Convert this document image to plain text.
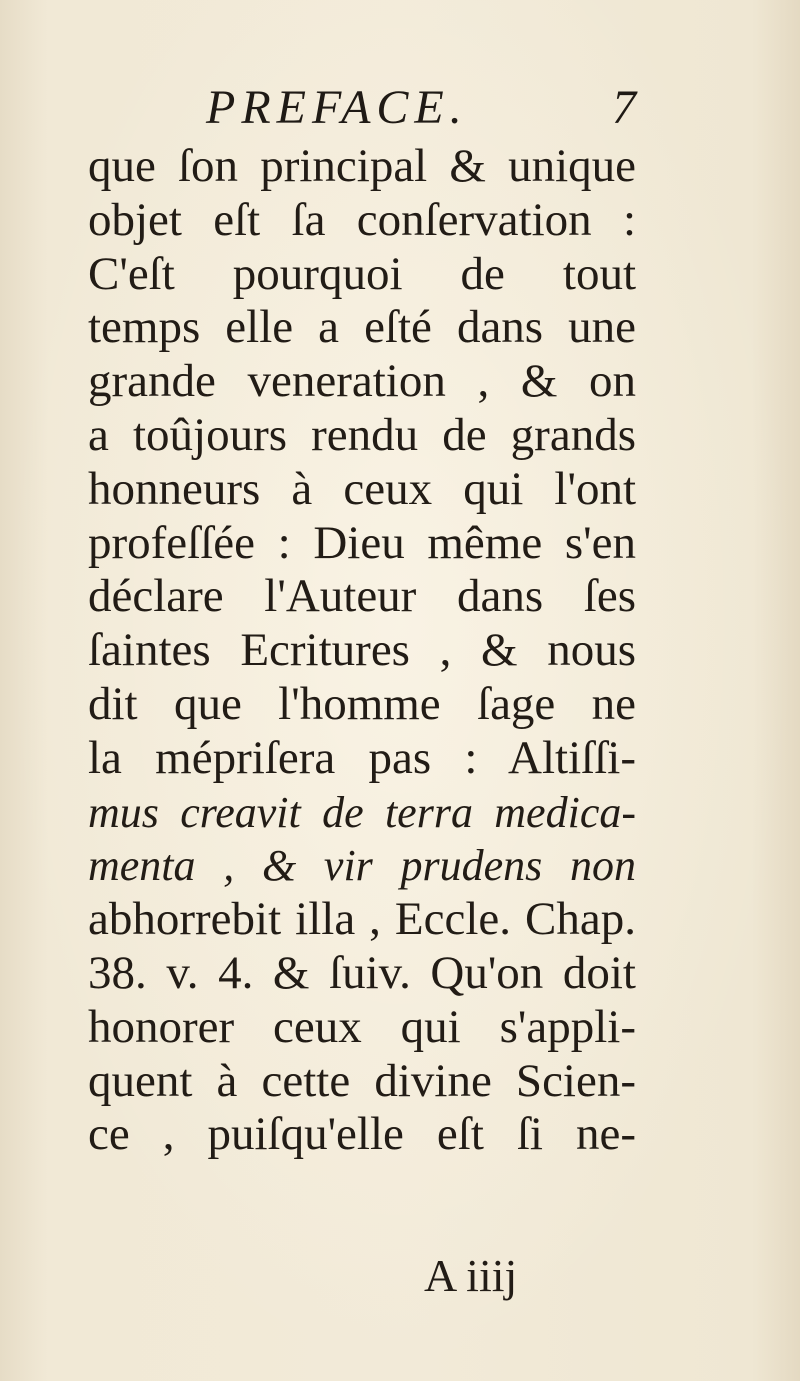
PREFACE.	7
que ſon principal & unique
objet eſt ſa conſervation :
C'eſt pourquoi de tout
temps elle a eſté dans une
grande veneration , & on
a toûjours rendu de grands
honneurs à ceux qui l'ont
profeſſée : Dieu même s'en
déclare l'Auteur dans ſes
ſaintes Ecritures , & nous
dit que l'homme ſage ne
la mépriſera pas : Altiſſi-
mus creavit de terra medica-
menta , & vir prudens non
abhorrebit illa , Eccle. Chap.
38. v. 4. & ſuiv. Qu'on doit
honorer ceux qui s'appli-
quent à cette divine Scien-
ce , puiſqu'elle eſt ſi ne-
A iiij
